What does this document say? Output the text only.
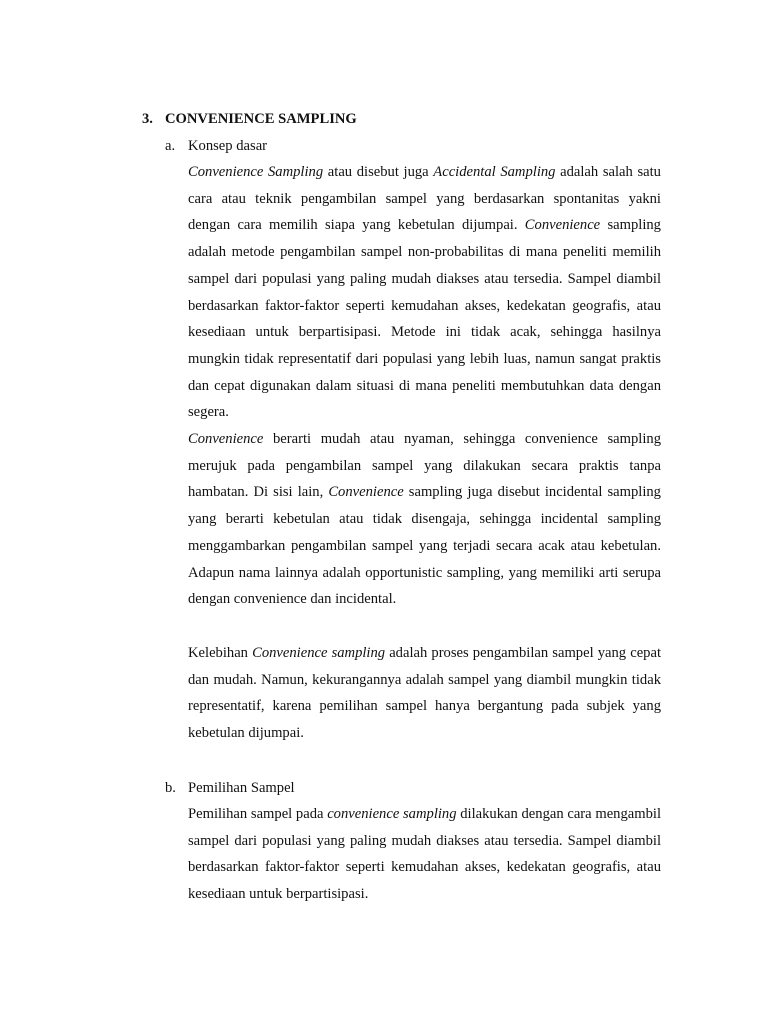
3. CONVENIENCE SAMPLING
a. Konsep dasar

Convenience Sampling atau disebut juga Accidental Sampling adalah salah satu cara atau teknik pengambilan sampel yang berdasarkan spontanitas yakni dengan cara memilih siapa yang kebetulan dijumpai. Convenience sampling adalah metode pengambilan sampel non-probabilitas di mana peneliti memilih sampel dari populasi yang paling mudah diakses atau tersedia. Sampel diambil berdasarkan faktor-faktor seperti kemudahan akses, kedekatan geografis, atau kesediaan untuk berpartisipasi. Metode ini tidak acak, sehingga hasilnya mungkin tidak representatif dari populasi yang lebih luas, namun sangat praktis dan cepat digunakan dalam situasi di mana peneliti membutuhkan data dengan segera.

Convenience berarti mudah atau nyaman, sehingga convenience sampling merujuk pada pengambilan sampel yang dilakukan secara praktis tanpa hambatan. Di sisi lain, Convenience sampling juga disebut incidental sampling yang berarti kebetulan atau tidak disengaja, sehingga incidental sampling menggambarkan pengambilan sampel yang terjadi secara acak atau kebetulan. Adapun nama lainnya adalah opportunistic sampling, yang memiliki arti serupa dengan convenience dan incidental.

Kelebihan Convenience sampling adalah proses pengambilan sampel yang cepat dan mudah. Namun, kekurangannya adalah sampel yang diambil mungkin tidak representatif, karena pemilihan sampel hanya bergantung pada subjek yang kebetulan dijumpai.

b. Pemilihan Sampel

Pemilihan sampel pada convenience sampling dilakukan dengan cara mengambil sampel dari populasi yang paling mudah diakses atau tersedia. Sampel diambil berdasarkan faktor-faktor seperti kemudahan akses, kedekatan geografis, atau kesediaan untuk berpartisipasi.
